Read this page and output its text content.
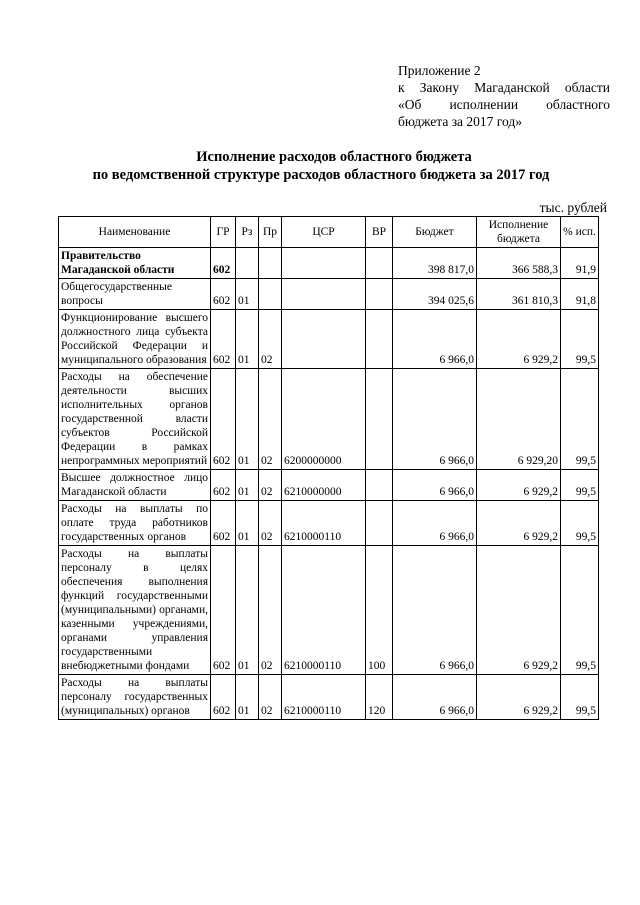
Приложение 2
к Закону Магаданской области
«Об исполнении областного
бюджета за 2017 год»
Исполнение расходов областного бюджета
по ведомственной структуре расходов областного бюджета за 2017 год
тыс. рублей
Наименование	ГР	Рз	Пр	ЦСР	ВР	Бюджет	Исполнение бюджета	% исп.
Правительство Магаданской области	602					398 817,0	366 588,3	91,9
Общегосударственные вопросы	602	01				394 025,6	361 810,3	91,8
Функционирование высшего должностного лица субъекта Российской Федерации и муниципального образования	602	01	02			6 966,0	6 929,2	99,5
Расходы на обеспечение деятельности высших исполнительных органов государственной власти субъектов Российской Федерации в рамках непрограммных мероприятий	602	01	02	6200000000		6 966,0	6 929,20	99,5
Высшее должностное лицо Магаданской области	602	01	02	6210000000		6 966,0	6 929,2	99,5
Расходы на выплаты по оплате труда работников государственных органов	602	01	02	6210000110		6 966,0	6 929,2	99,5
Расходы на выплаты персоналу в целях обеспечения выполнения функций государственными (муниципальными) органами, казенными учреждениями, органами управления государственными внебюджетными фондами	602	01	02	6210000110	100	6 966,0	6 929,2	99,5
Расходы на выплаты персоналу государственных (муниципальных) органов	602	01	02	6210000110	120	6 966,0	6 929,2	99,5
